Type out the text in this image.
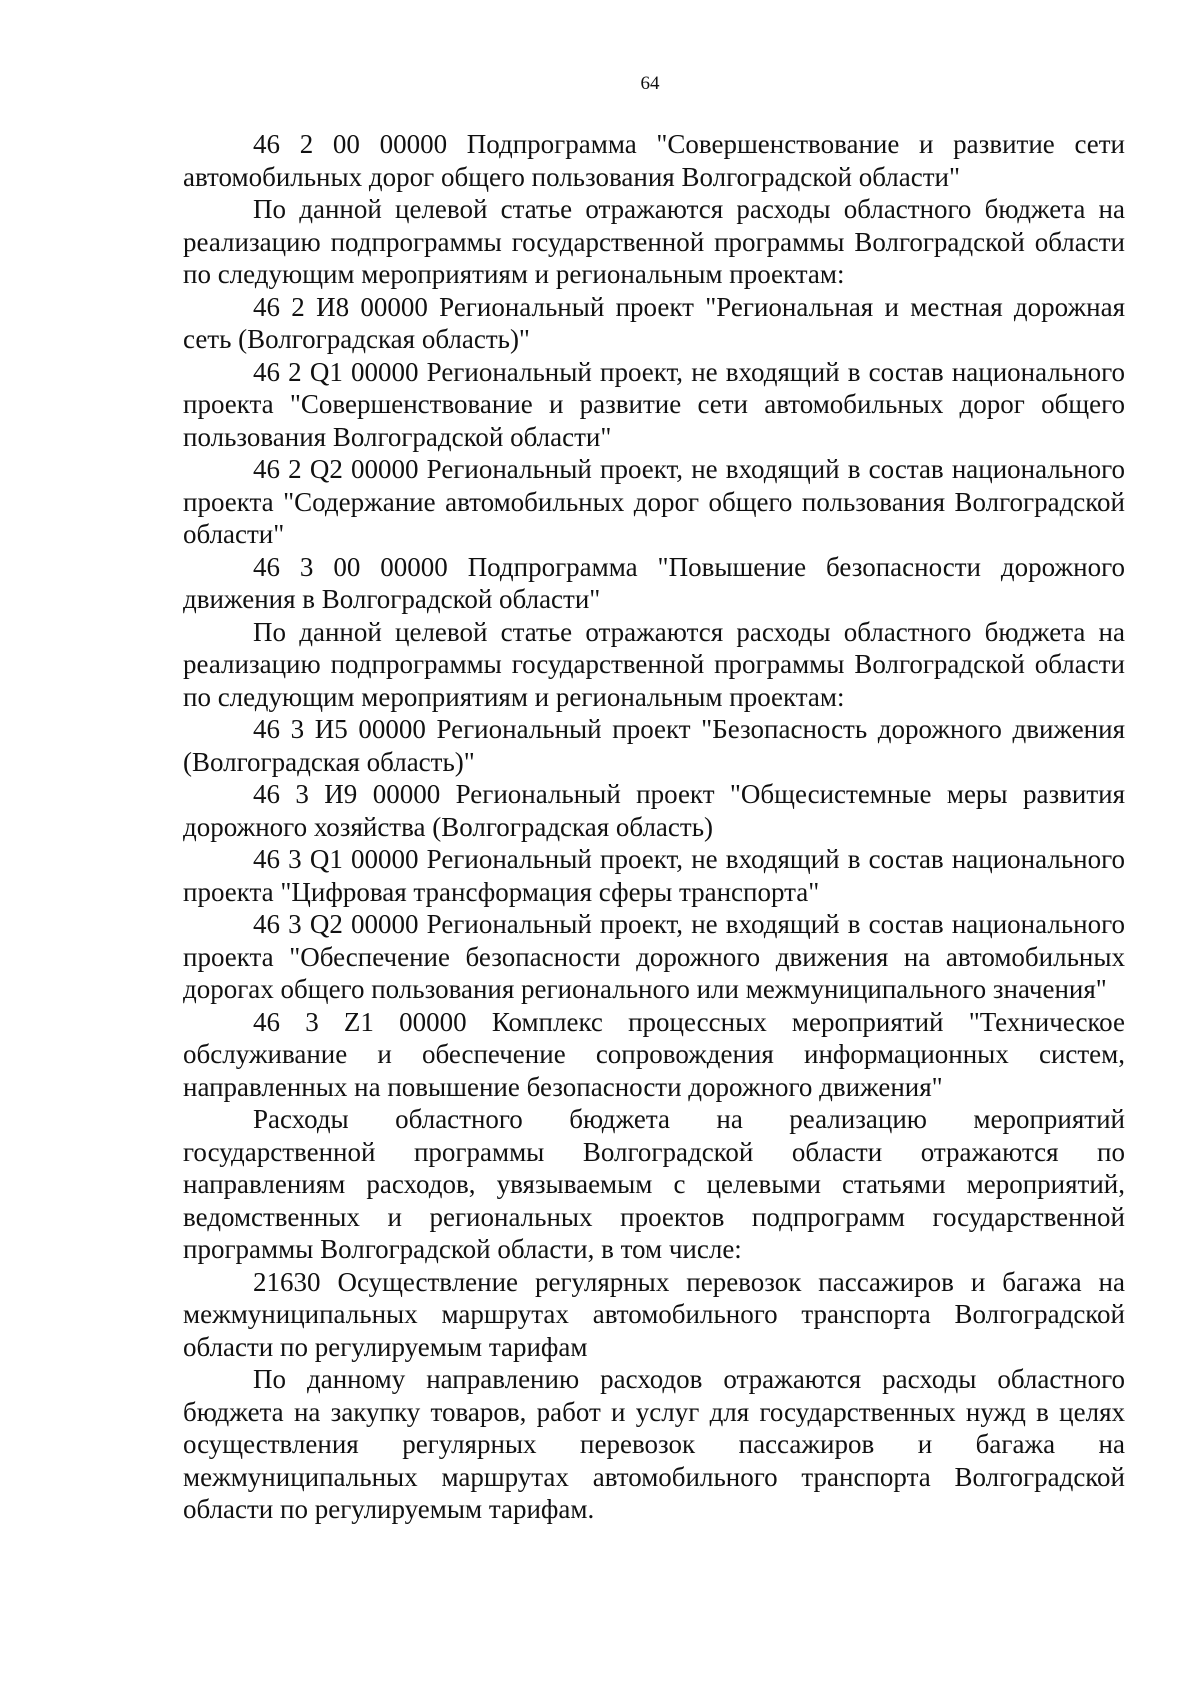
64

46 2 00 00000 Подпрограмма "Совершенствование и развитие сети автомобильных дорог общего пользования Волгоградской области"

По данной целевой статье отражаются расходы областного бюджета на реализацию подпрограммы государственной программы Волгоградской области по следующим мероприятиям и региональным проектам:

46 2 И8 00000 Региональный проект "Региональная и местная дорожная сеть (Волгоградская область)"

46 2 Q1 00000 Региональный проект, не входящий в состав национального проекта "Совершенствование и развитие сети автомобильных дорог общего пользования Волгоградской области"

46 2 Q2 00000 Региональный проект, не входящий в состав национального проекта "Содержание автомобильных дорог общего пользования Волгоградской области"

46 3 00 00000 Подпрограмма "Повышение безопасности дорожного движения в Волгоградской области"

По данной целевой статье отражаются расходы областного бюджета на реализацию подпрограммы государственной программы Волгоградской области по следующим мероприятиям и региональным проектам:

46 3 И5 00000 Региональный проект "Безопасность дорожного движения (Волгоградская область)"

46 3 И9 00000 Региональный проект "Общесистемные меры развития дорожного хозяйства (Волгоградская область)

46 3 Q1 00000 Региональный проект, не входящий в состав национального проекта "Цифровая трансформация сферы транспорта"

46 3 Q2 00000 Региональный проект, не входящий в состав национального проекта "Обеспечение безопасности дорожного движения на автомобильных дорогах общего пользования регионального или межмуниципального значения"

46 3 Z1 00000 Комплекс процессных мероприятий "Техническое обслуживание и обеспечение сопровождения информационных систем, направленных на повышение безопасности дорожного движения"

Расходы областного бюджета на реализацию мероприятий государственной программы Волгоградской области отражаются по направлениям расходов, увязываемым с целевыми статьями мероприятий, ведомственных и региональных проектов подпрограмм государственной программы Волгоградской области, в том числе:

21630 Осуществление регулярных перевозок пассажиров и багажа на межмуниципальных маршрутах автомобильного транспорта Волгоградской области по регулируемым тарифам

По данному направлению расходов отражаются расходы областного бюджета на закупку товаров, работ и услуг для государственных нужд в целях осуществления регулярных перевозок пассажиров и багажа на межмуниципальных маршрутах автомобильного транспорта Волгоградской области по регулируемым тарифам.
